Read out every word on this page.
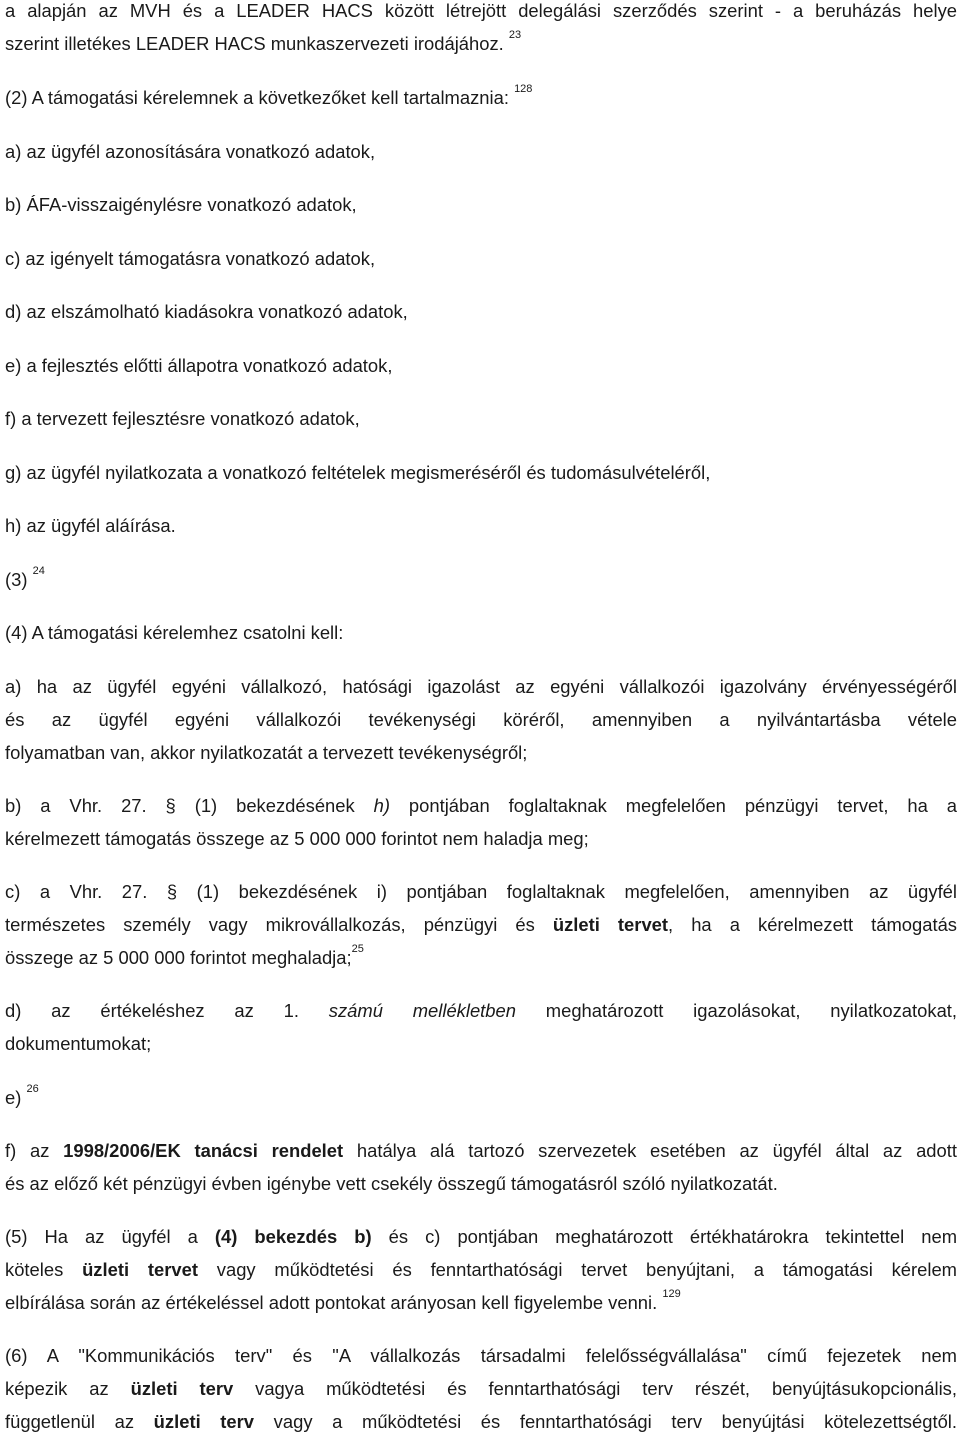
a alapján az MVH és a LEADER HACS között létrejött delegálási szerződés szerint - a beruházás helye
szerint illetékes LEADER HACS munkaszervezeti irodájához. $^{23}$
(2) A támogatási kérelemnek a következőket kell tartalmaznia: $^{128}$
a) az ügyfél azonosítására vonatkozó adatok,
b) ÁFA-visszaigénylésre vonatkozó adatok,
c) az igényelt támogatásra vonatkozó adatok,
d) az elszámolható kiadásokra vonatkozó adatok,
e) a fejlesztés előtti állapotra vonatkozó adatok,
f) a tervezett fejlesztésre vonatkozó adatok,
g) az ügyfél nyilatkozata a vonatkozó feltételek megismeréséről és tudomásulvételéről,
h) az ügyfél aláírása.
(3) $^{24}$
(4) A támogatási kérelemhez csatolni kell:
a) ha az ügyfél egyéni vállalkozó, hatósági igazolást az egyéni vállalkozói igazolvány érvényességéről
és az ügyfél egyéni vállalkozói tevékenységi köréről, amennyiben a nyilvántartásba vétele
folyamatban van, akkor nyilatkozatát a tervezett tevékenységről;
b) a Vhr. 27. § (1) bekezdésének h) pontjában foglaltaknak megfelelően pénzügyi tervet, ha a
kérelmezett támogatás összege az 5 000 000 forintot nem haladja meg;
c) a Vhr. 27. § (1) bekezdésének i) pontjában foglaltaknak megfelelően, amennyiben az ügyfél
természetes személy vagy mikrovállalkozás, pénzügyi és üzleti tervet, ha a kérelmezett támogatás
összege az 5 000 000 forintot meghaladja;$^{25}$
d) az értékeléshez az 1. számú mellékletben meghatározott igazolásokat, nyilatkozatokat,
dokumentumokat;
e) $^{26}$
f) az 1998/2006/EK tanácsi rendelet hatálya alá tartozó szervezetek esetében az ügyfél által az adott
és az előző két pénzügyi évben igénybe vett csekély összegű támogatásról szóló nyilatkozatát.
(5) Ha az ügyfél a (4) bekezdés b) és c) pontjában meghatározott értékhatárokra tekintettel nem
köteles üzleti tervet vagy működtetési és fenntarthatósági tervet benyújtani, a támogatási kérelem
elbírálása során az értékeléssel adott pontokat arányosan kell figyelembe venni. $^{129}$
(6) A "Kommunikációs terv" és "A vállalkozás társadalmi felelősségvállalása" című fejezetek nem
képezik az üzleti terv vagya működtetési és fenntarthatósági terv részét, benyújtásukopcionális,
függetlenül az üzleti terv vagy a működtetési és fenntarthatósági terv benyújtási kötelezettségtől.
